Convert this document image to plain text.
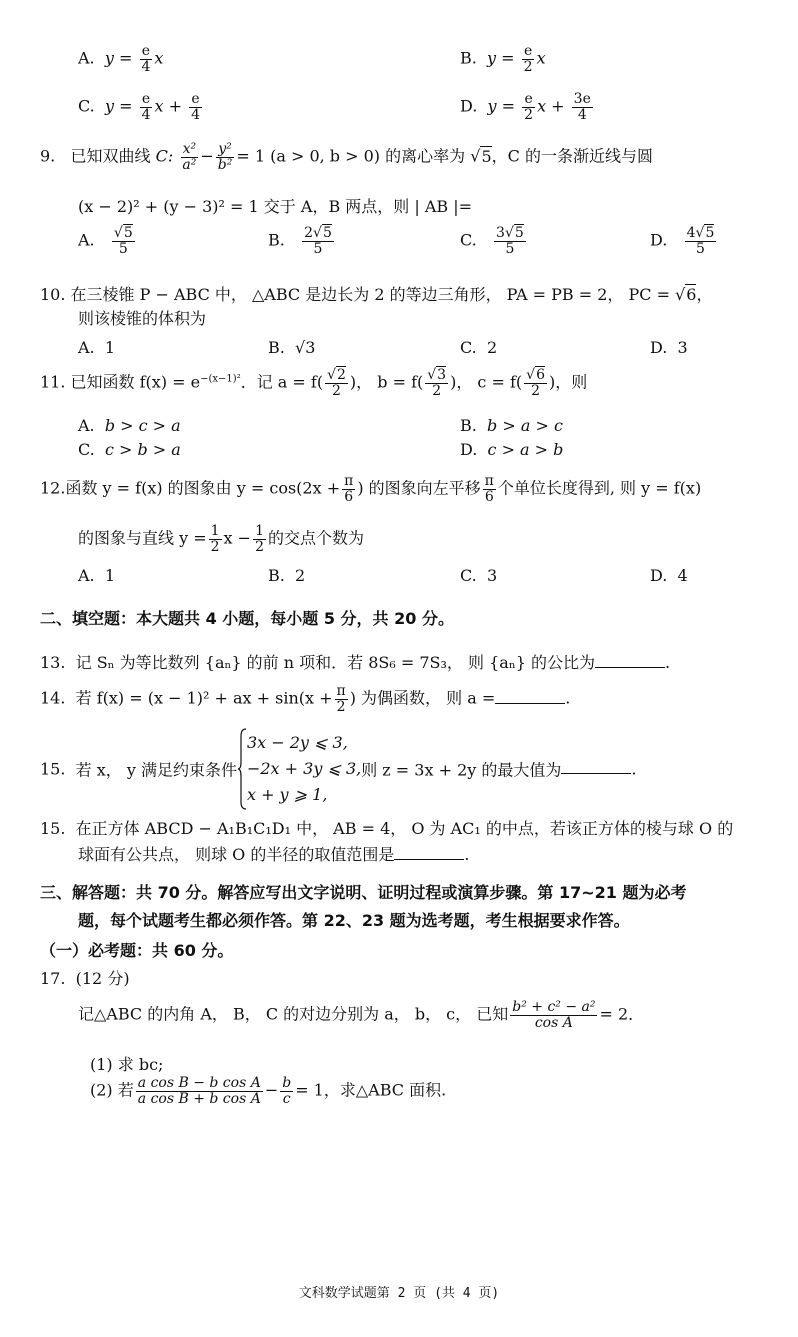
A. $y = \frac{e}{4}$ x	B. $y = \frac{e}{2}$ x
C. $y = \frac{e}{4}$ $x + \frac{e}{4}$	D. $y = \frac{e}{2}$ $x + \frac{3e}{4}$
9. 已知双曲线 C: $\frac{\text{x²}}{\text{a²}} - \frac{\text{y²}}{\text{b²}} = 1$ (a > 0, b > 0) 的离心率为 √5，C 的一条渐近线与圆
(x − 2)² + (y − 3)² = 1 交于 A，B 两点，则 | AB |=
A. $\frac{√5}{5}$	B. $\frac{2√5}{5}$	C. $\frac{3√5}{5}$	D. $\frac{4√5}{5}$
10. 在三棱锥 P − ABC 中， △ABC 是边长为 2 的等边三角形， PA = PB = 2， PC = √6，
则该棱锥的体积为
A. 1	B. √3	C. 2	D. 3
11. 已知函数 $f(x) = e^{-(x-1)^2}$．记 $a = f( \frac{√2}{2}$ )， $b = f( \frac{√3}{2}$ )， $c = f( \frac{√6}{2}$ )，则
A. b > c > a	B. b > a > c
C. c > b > a	D. c > a > b
12.函数 y = f(x) 的图象由 $y = \cos(2x + \frac{\pi}{6}$ ) 的图象向左平移 $\frac{\pi}{6}$ 个单位长度得到, 则 y = f(x)
的图象与直线 $y = \frac{1}{2}$ $x - \frac{1}{2}$ 的交点个数为
A. 1	B. 2	C. 3	D. 4
二、填空题：本大题共 4 小题，每小题 5 分，共 20 分。
13. 记 Sₙ 为等比数列 {aₙ} 的前 n 项和．若 8S₆ = 7S₃， 则 {aₙ} 的公比为	.
14. 若 f(x) = (x − 1)² + ax + $\sin(x + \frac{\pi}{2}$ ) 为偶函数， 则 a =	.
15. 若 x， y 满足约束条件
3x − 2y ⩽ 3,
−2x + 3y ⩽ 3,
x + y ⩾ 1,
则 z = 3x + 2y 的最大值为	.
15. 在正方体 ABCD − A₁B₁C₁D₁ 中， AB = 4， O 为 AC₁ 的中点，若该正方体的棱与球 O 的
球面有公共点， 则球 O 的半径的取值范围是	.
三、解答题：共 70 分。解答应写出文字说明、证明过程或演算步骤。第 17~21 题为必考
题，每个试题考生都必须作答。第 22、23 题为选考题，考生根据要求作答。
（一）必考题：共 60 分。
17. (12 分)
记△ABC 的内角 A， B， C 的对边分别为 a， b， c， 已知 $\frac{\text{b² + c² − a²}}{\text{cos A}} = 2$．
(1) 求 bc;
(2) 若 $\frac{\text{a cos B − b cos A}}{\text{a cos B + b cos A}} - \frac{b}{c} = 1$，求△ABC 面积.
文科数学试题第 2 页 (共 4 页)
